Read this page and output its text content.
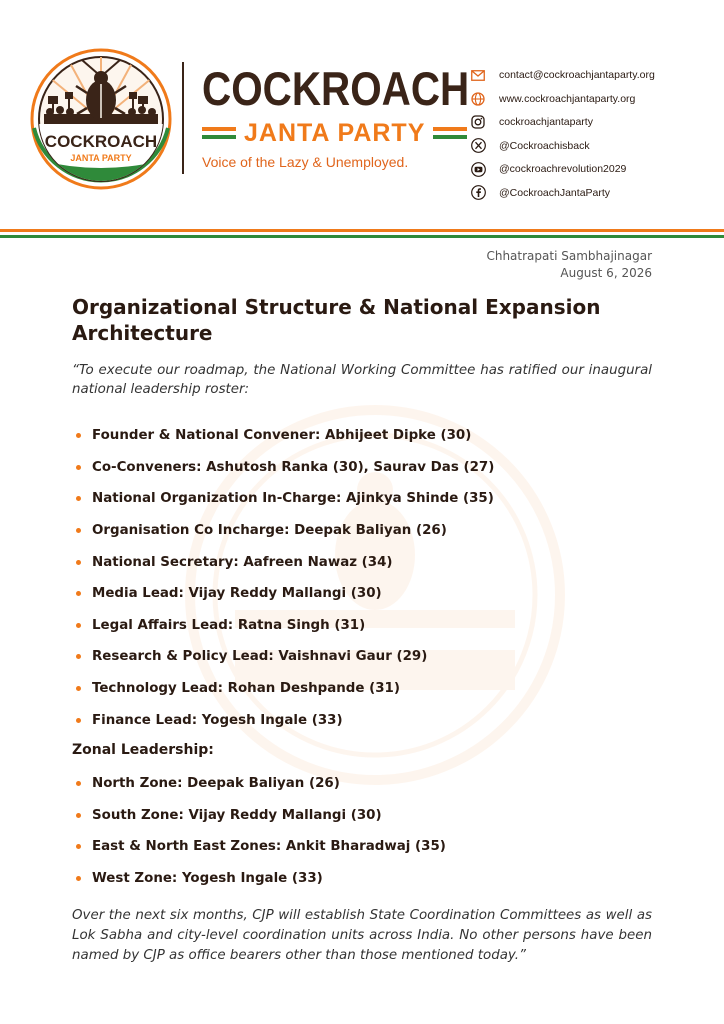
COCKROACH
JANTA PARTY
COCKROACH
JANTA PARTY
Voice of the Lazy & Unemployed.
contact@cockroachjantaparty.org
www.cockroachjantaparty.org
cockroachjantaparty
@Cockroachisback
@cockroachrevolution2029
@CockroachJantaParty
Chhatrapati Sambhajinagar
August 6, 2026
Organizational Structure & National Expansion Architecture

“To execute our roadmap, the National Working Committee has ratified our inaugural national leadership roster:

Founder & National Convener: Abhijeet Dipke (30)
Co-Conveners: Ashutosh Ranka (30), Saurav Das (27)
National Organization In-Charge: Ajinkya Shinde (35)
Organisation Co Incharge: Deepak Baliyan (26)
National Secretary: Aafreen Nawaz (34)
Media Lead: Vijay Reddy Mallangi (30)
Legal Affairs Lead: Ratna Singh (31)
Research & Policy Lead: Vaishnavi Gaur (29)
Technology Lead: Rohan Deshpande (31)
Finance Lead: Yogesh Ingale (33)
Zonal Leadership:
North Zone: Deepak Baliyan (26)
South Zone: Vijay Reddy Mallangi (30)
East & North East Zones: Ankit Bharadwaj (35)
West Zone: Yogesh Ingale (33)

Over the next six months, CJP will establish State Coordination Committees as well as Lok Sabha and city-level coordination units across India. No other persons have been named by CJP as office bearers other than those mentioned today.”
